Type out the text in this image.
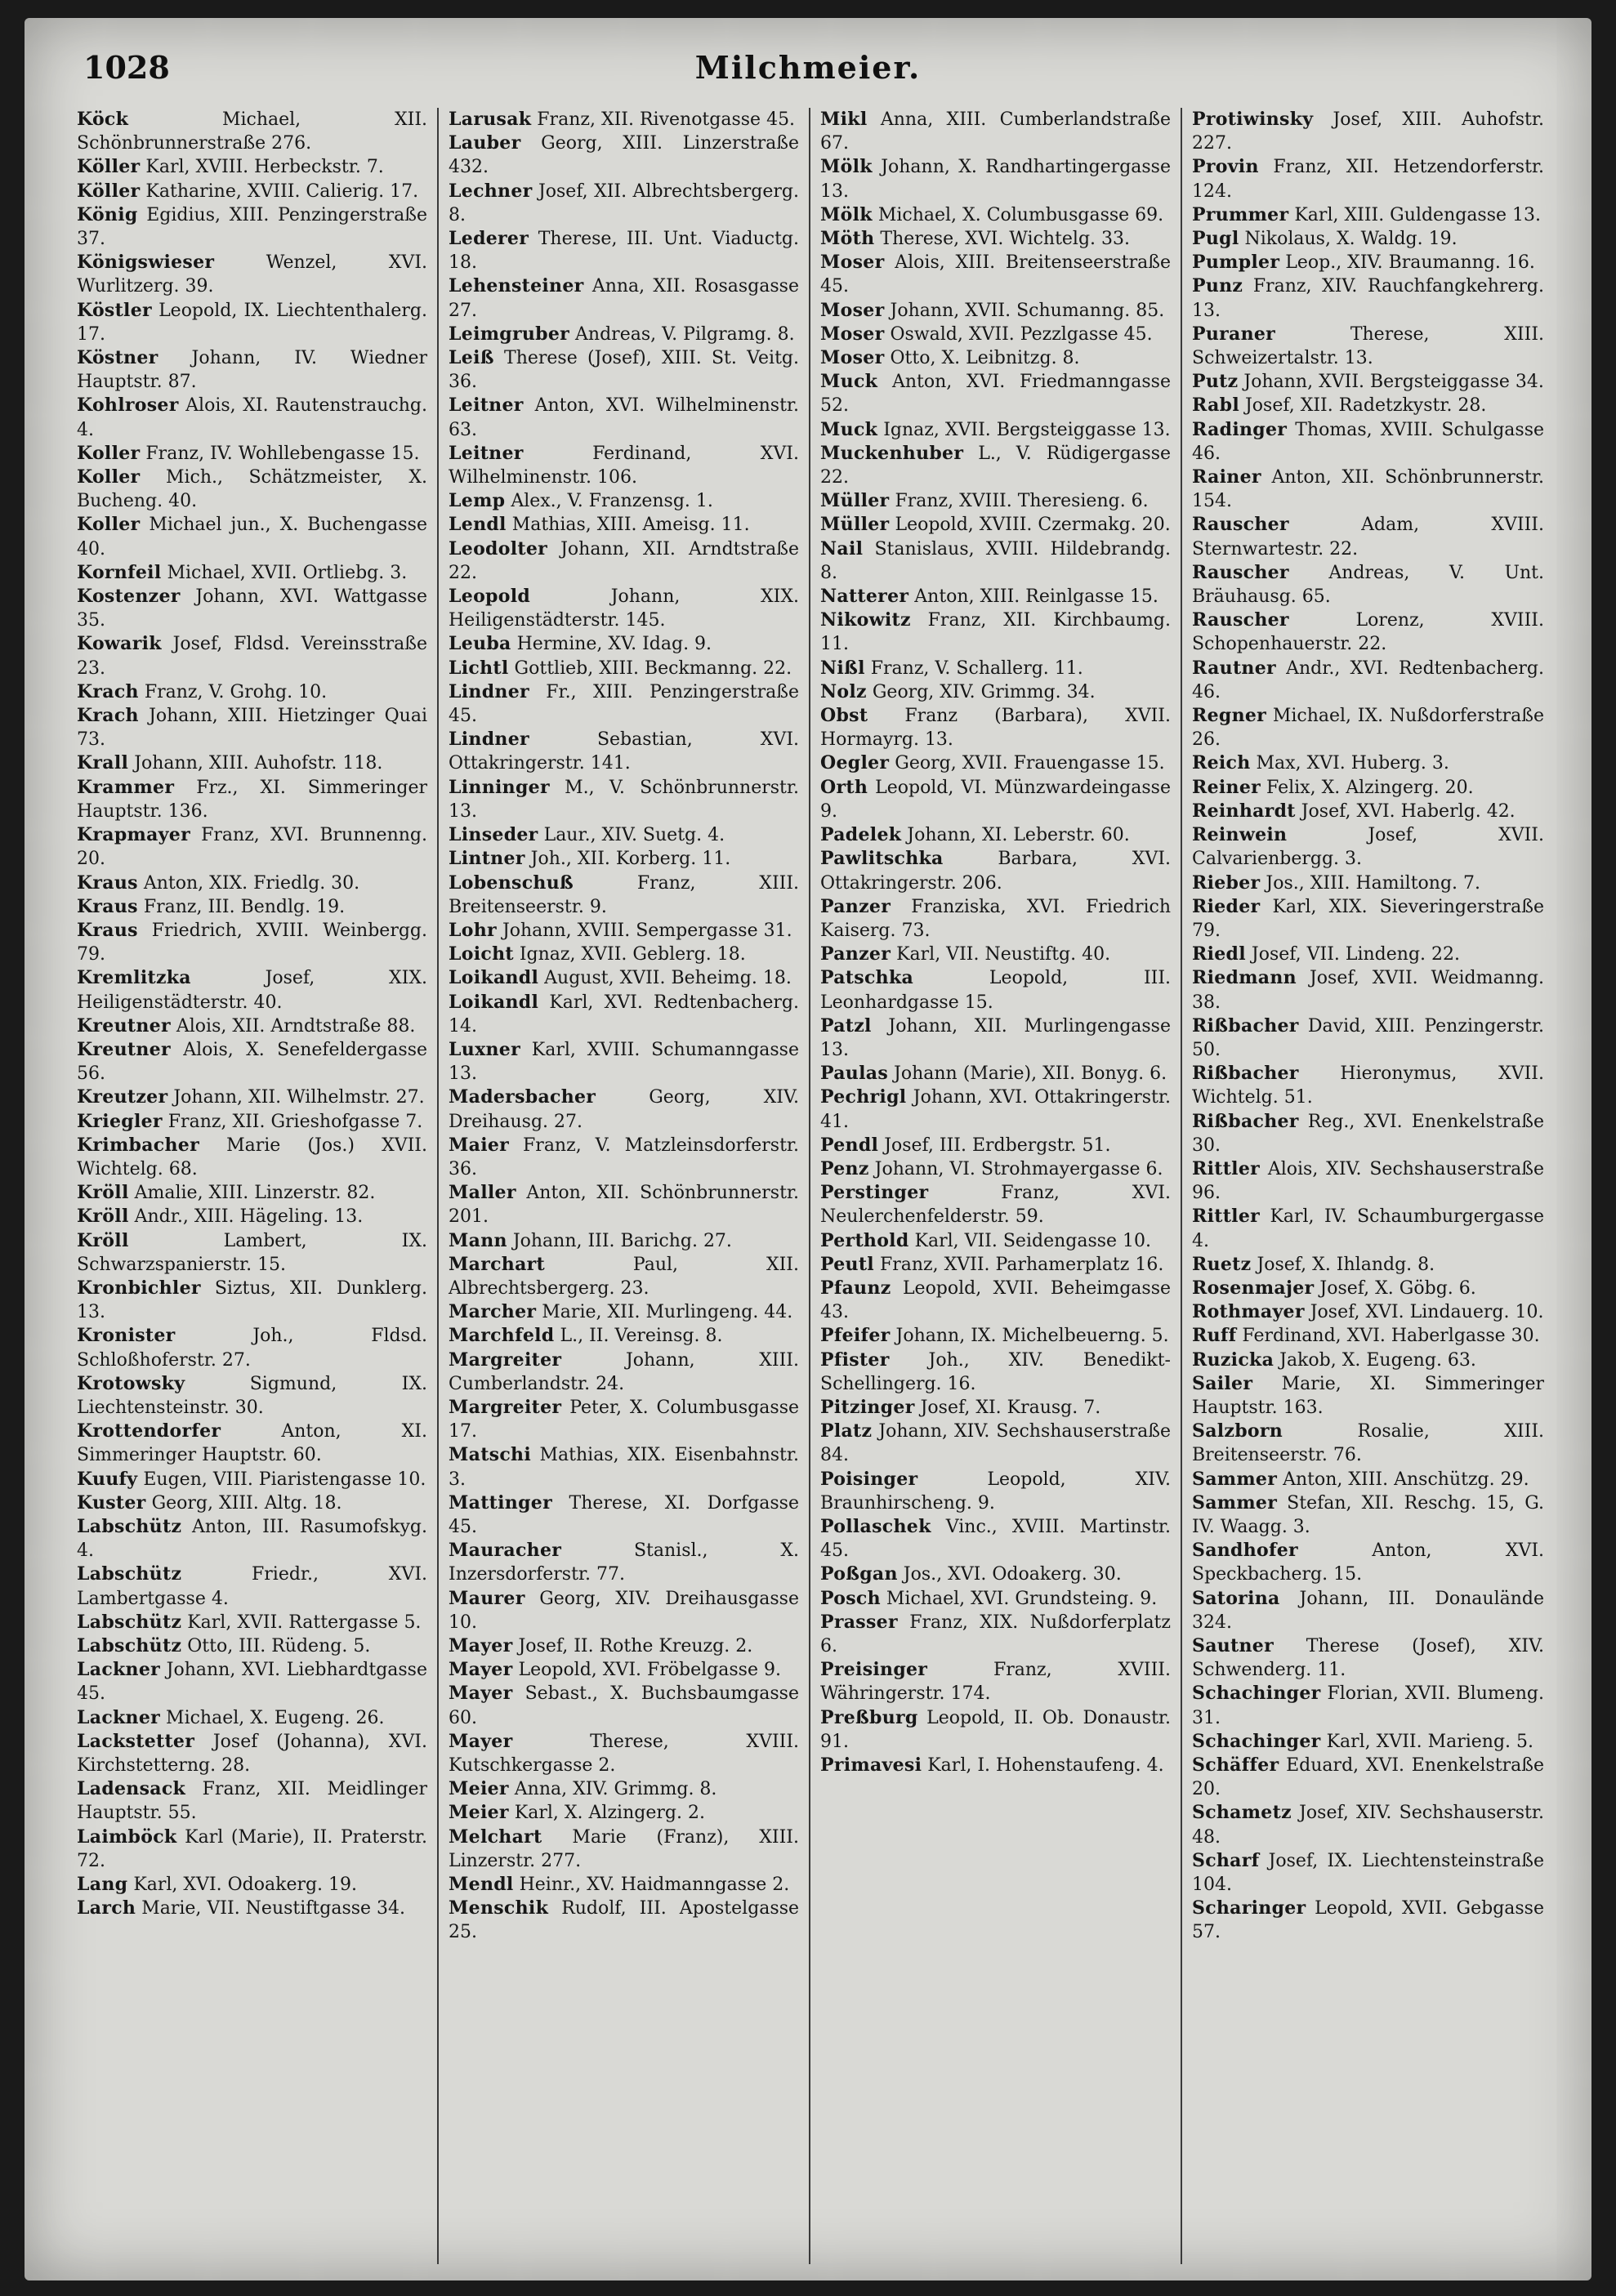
1028	Milchmeier.
Köck	Michael, XII. Schönbrunnerstraße 276.
Köller Karl, XVIII. Herbeckstr. 7.
Köller Katharine, XVIII. Calierig. 17.
König Egidius, XIII. Penzingerstraße 37.
Königswieser	Wenzel, XVI. Wurlitzerg. 39.
Köstler Leopold, IX. Liechtenthalerg. 17.
Köstner Johann, IV. Wiedner Hauptstr. 87.
Kohlroser Alois, XI. Rautenstrauchg. 4.
Koller Franz, IV. Wohllebengasse 15.
Koller Mich., Schätzmeister, X. Bucheng. 40.
Koller Michael jun., X. Buchengasse 40.
Kornfeil Michael, XVII. Ortliebg. 3.
Kostenzer Johann, XVI. Wattgasse 35.
Kowarik Josef, Fldsd. Vereinsstraße 23.
Krach Franz, V. Grohg. 10.
Krach Johann, XIII. Hietzinger Quai 73.
Krall Johann, XIII. Auhofstr. 118.
Krammer Frz., XI. Simmeringer Hauptstr. 136.
Krapmayer Franz, XVI. Brunnenng. 20.
Kraus Anton, XIX. Friedlg. 30.
Kraus Franz, III. Bendlg. 19.
Kraus Friedrich, XVIII. Weinbergg. 79.
Kremlitzka	Josef, XIX. Heiligenstädterstr. 40.
Kreutner Alois, XII. Arndtstraße 88.
Kreutner Alois, X. Senefeldergasse 56.
Kreutzer Johann, XII. Wilhelmstr. 27.
Kriegler Franz, XII. Grieshofgasse 7.
Krimbacher Marie (Jos.) XVII. Wichtelg. 68.
Kröll Amalie, XIII. Linzerstr. 82.
Kröll Andr., XIII. Hägeling. 13.
Kröll	Lambert, IX. Schwarzspanierstr. 15.
Kronbichler Siztus, XII. Dunklerg. 13.
Kronister	Joh., Fldsd. Schloßhoferstr. 27.
Krotowsky	Sigmund, IX. Liechtensteinstr. 30.
Krottendorfer	Anton, XI. Simmeringer Hauptstr. 60.
Kuufy Eugen, VIII. Piaristengasse 10.
Kuster Georg, XIII. Altg. 18.
Labschütz Anton, III. Rasumofskyg. 4.
Labschütz	Friedr., XVI. Lambertgasse 4.
Labschütz Karl, XVII. Rattergasse 5.
Labschütz Otto, III. Rüdeng. 5.
Lackner Johann, XVI. Liebhardtgasse 45.
Lackner Michael, X. Eugeng. 26.
Lackstetter Josef (Johanna), XVI. Kirchstetterng. 28.
Ladensack Franz, XII. Meidlinger Hauptstr. 55.
Laimböck Karl (Marie), II. Praterstr. 72.
Lang Karl, XVI. Odoakerg. 19.
Larch Marie, VII. Neustiftgasse 34.
Larusak Franz, XII. Rivenotgasse 45.
Lauber Georg, XIII. Linzerstraße 432.
Lechner Josef, XII. Albrechtsbergerg. 8.
Lederer Therese, III. Unt. Viaductg. 18.
Lehensteiner Anna, XII. Rosasgasse 27.
Leimgruber Andreas, V. Pilgramg. 8.
Leiß Therese (Josef), XIII. St. Veitg. 36.
Leitner Anton, XVI. Wilhelminenstr. 63.
Leitner	Ferdinand, XVI. Wilhelminenstr. 106.
Lemp Alex., V. Franzensg. 1.
Lendl Mathias, XIII. Ameisg. 11.
Leodolter Johann, XII. Arndtstraße 22.
Leopold	Johann, XIX. Heiligenstädterstr. 145.
Leuba Hermine, XV. Idag. 9.
Lichtl Gottlieb, XIII. Beckmanng. 22.
Lindner Fr., XIII. Penzingerstraße 45.
Lindner	Sebastian, XVI. Ottakringerstr. 141.
Linninger M., V. Schönbrunnerstr. 13.
Linseder Laur., XIV. Suetg. 4.
Lintner Joh., XII. Korberg. 11.
Lobenschuß	Franz, XIII. Breitenseerstr. 9.
Lohr Johann, XVIII. Sempergasse 31.
Loicht Ignaz, XVII. Geblerg. 18.
Loikandl August, XVII. Beheimg. 18.
Loikandl Karl, XVI. Redtenbacherg. 14.
Luxner Karl, XVIII. Schumanngasse 13.
Madersbacher	Georg, XIV. Dreihausg. 27.
Maier Franz, V. Matzleinsdorferstr. 36.
Maller Anton, XII. Schönbrunnerstr. 201.
Mann Johann, III. Barichg. 27.
Marchart	Paul, XII. Albrechtsbergerg. 23.
Marcher Marie, XII. Murlingeng. 44.
Marchfeld L., II. Vereinsg. 8.
Margreiter	Johann, XIII. Cumberlandstr. 24.
Margreiter Peter, X. Columbusgasse 17.
Matschi Mathias, XIX. Eisenbahnstr. 3.
Mattinger Therese, XI. Dorfgasse 45.
Mauracher	Stanisl., X. Inzersdorferstr. 77.
Maurer Georg, XIV. Dreihausgasse 10.
Mayer Josef, II. Rothe Kreuzg. 2.
Mayer Leopold, XVI. Fröbelgasse 9.
Mayer Sebast., X. Buchsbaumgasse 60.
Mayer	Therese, XVIII. Kutschkergasse 2.
Meier Anna, XIV. Grimmg. 8.
Meier Karl, X. Alzingerg. 2.
Melchart Marie (Franz), XIII. Linzerstr. 277.
Mendl Heinr., XV. Haidmanngasse 2.
Menschik Rudolf, III. Apostelgasse 25.
Mikl Anna, XIII. Cumberlandstraße 67.
Mölk Johann, X. Randhartingergasse 13.
Mölk Michael, X. Columbusgasse 69.
Möth Therese, XVI. Wichtelg. 33.
Moser Alois, XIII. Breitenseerstraße 45.
Moser Johann, XVII. Schumanng. 85.
Moser Oswald, XVII. Pezzlgasse 45.
Moser Otto, X. Leibnitzg. 8.
Muck Anton, XVI. Friedmanngasse 52.
Muck Ignaz, XVII. Bergsteiggasse 13.
Muckenhuber L., V. Rüdigergasse 22.
Müller Franz, XVIII. Theresieng. 6.
Müller Leopold, XVIII. Czermakg. 20.
Nail Stanislaus, XVIII. Hildebrandg. 8.
Natterer Anton, XIII. Reinlgasse 15.
Nikowitz Franz, XII. Kirchbaumg. 11.
Nißl Franz, V. Schallerg. 11.
Nolz Georg, XIV. Grimmg. 34.
Obst Franz (Barbara), XVII. Hormayrg. 13.
Oegler Georg, XVII. Frauengasse 15.
Orth Leopold, VI. Münzwardeingasse 9.
Padelek Johann, XI. Leberstr. 60.
Pawlitschka	Barbara, XVI. Ottakringerstr. 206.
Panzer Franziska, XVI. Friedrich Kaiserg. 73.
Panzer Karl, VII. Neustiftg. 40.
Patschka	Leopold, III. Leonhardgasse 15.
Patzl Johann, XII. Murlingengasse 13.
Paulas Johann (Marie), XII. Bonyg. 6.
Pechrigl Johann, XVI. Ottakringerstr. 41.
Pendl Josef, III. Erdbergstr. 51.
Penz Johann, VI. Strohmayergasse 6.
Perstinger	Franz, XVI. Neulerchenfelderstr. 59.
Perthold Karl, VII. Seidengasse 10.
Peutl Franz, XVII. Parhamerplatz 16.
Pfaunz Leopold, XVII. Beheimgasse 43.
Pfeifer Johann, IX. Michelbeuerng. 5.
Pfister Joh., XIV. Benedikt-Schellingerg. 16.
Pitzinger Josef, XI. Krausg. 7.
Platz Johann, XIV. Sechshauserstraße 84.
Poisinger	Leopold, XIV. Braunhirscheng. 9.
Pollaschek Vinc., XVIII. Martinstr. 45.
Poßgan Jos., XVI. Odoakerg. 30.
Posch Michael, XVI. Grundsteing. 9.
Prasser Franz, XIX. Nußdorferplatz 6.
Preisinger	Franz, XVIII. Währingerstr. 174.
Preßburg Leopold, II. Ob. Donaustr. 91.
Primavesi Karl, I. Hohenstaufeng. 4.
Protiwinsky Josef, XIII. Auhofstr. 227.
Provin Franz, XII. Hetzendorferstr. 124.
Prummer Karl, XIII. Guldengasse 13.
Pugl Nikolaus, X. Waldg. 19.
Pumpler Leop., XIV. Braumanng. 16.
Punz Franz, XIV. Rauchfangkehrerg. 13.
Puraner	Therese, XIII. Schweizertalstr. 13.
Putz Johann, XVII. Bergsteiggasse 34.
Rabl Josef, XII. Radetzkystr. 28.
Radinger Thomas, XVIII. Schulgasse 46.
Rainer Anton, XII. Schönbrunnerstr. 154.
Rauscher	Adam, XVIII. Sternwartestr. 22.
Rauscher Andreas, V. Unt. Bräuhausg. 65.
Rauscher	Lorenz, XVIII. Schopenhauerstr. 22.
Rautner Andr., XVI. Redtenbacherg. 46.
Regner Michael, IX. Nußdorferstraße 26.
Reich Max, XVI. Huberg. 3.
Reiner Felix, X. Alzingerg. 20.
Reinhardt Josef, XVI. Haberlg. 42.
Reinwein	Josef, XVII. Calvarienbergg. 3.
Rieber Jos., XIII. Hamiltong. 7.
Rieder Karl, XIX. Sieveringerstraße 79.
Riedl Josef, VII. Lindeng. 22.
Riedmann Josef, XVII. Weidmanng. 38.
Rißbacher David, XIII. Penzingerstr. 50.
Rißbacher Hieronymus, XVII. Wichtelg. 51.
Rißbacher Reg., XVI. Enenkelstraße 30.
Rittler Alois, XIV. Sechshauserstraße 96.
Rittler Karl, IV. Schaumburgergasse 4.
Ruetz Josef, X. Ihlandg. 8.
Rosenmajer Josef, X. Göbg. 6.
Rothmayer Josef, XVI. Lindauerg. 10.
Ruff Ferdinand, XVI. Haberlgasse 30.
Ruzicka Jakob, X. Eugeng. 63.
Sailer Marie, XI. Simmeringer Hauptstr. 163.
Salzborn	Rosalie, XIII. Breitenseerstr. 76.
Sammer Anton, XIII. Anschützg. 29.
Sammer Stefan, XII. Reschg. 15, G. IV. Waagg. 3.
Sandhofer	Anton, XVI. Speckbacherg. 15.
Satorina Johann, III. Donaulände 324.
Sautner Therese (Josef), XIV. Schwenderg. 11.
Schachinger Florian, XVII. Blumeng. 31.
Schachinger Karl, XVII. Marieng. 5.
Schäffer Eduard, XVI. Enenkelstraße 20.
Schametz Josef, XIV. Sechshauserstr. 48.
Scharf Josef, IX. Liechtensteinstraße 104.
Scharinger Leopold, XVII. Gebgasse 57.
